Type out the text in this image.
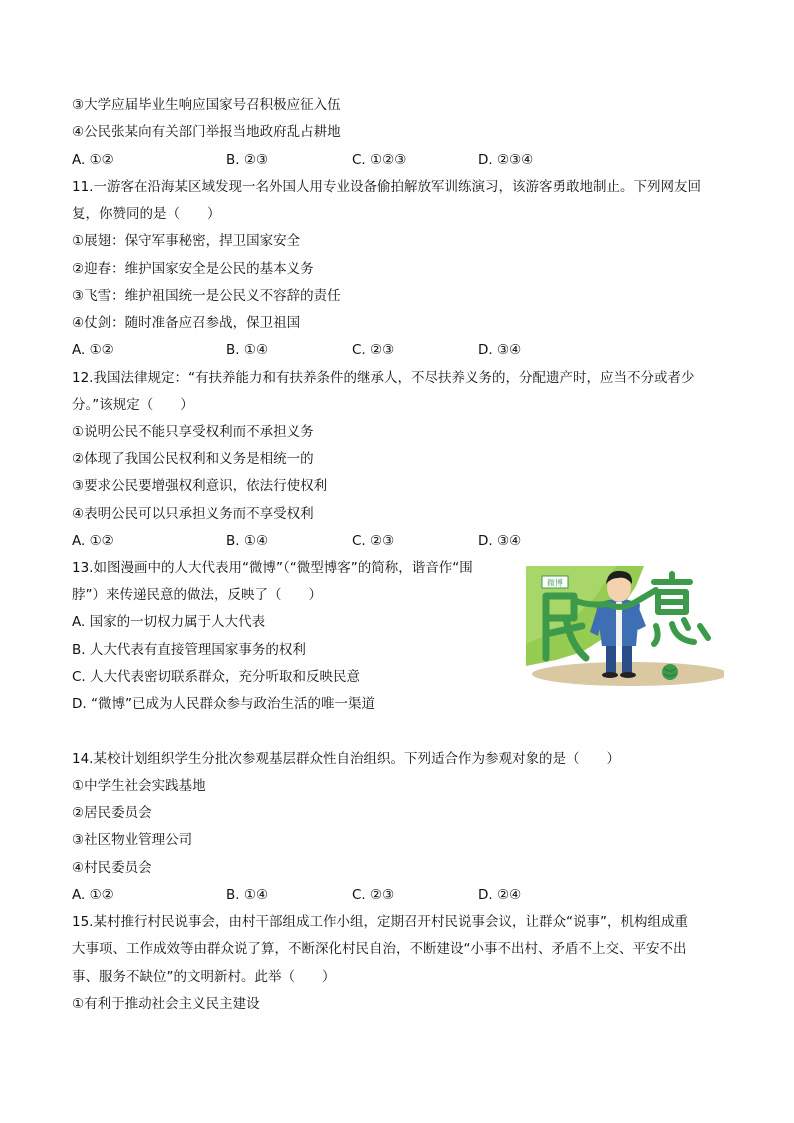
③大学应届毕业生响应国家号召积极应征入伍
④公民张某向有关部门举报当地政府乱占耕地
A. ①②	B. ②③	C. ①②③	D. ②③④
11.一游客在沿海某区域发现一名外国人用专业设备偷拍解放军训练演习，该游客勇敢地制止。下列网友回
复，你赞同的是（　　）
①展翅：保守军事秘密，捍卫国家安全
②迎春：维护国家安全是公民的基本义务
③飞雪：维护祖国统一是公民义不容辞的责任
④仗剑：随时准备应召参战，保卫祖国
A. ①②	B. ①④	C. ②③	D. ③④
12.我国法律规定：“有扶养能力和有扶养条件的继承人，不尽扶养义务的，分配遗产时，应当不分或者少
分。”该规定（　　）
①说明公民不能只享受权利而不承担义务
②体现了我国公民权利和义务是相统一的
③要求公民要增强权利意识，依法行使权利
④表明公民可以只承担义务而不享受权利
A. ①②	B. ①④	C. ②③	D. ③④
13.如图漫画中的人大代表用“微博”（“微型博客”的简称，谐音作“围
脖”）来传递民意的做法，反映了（　　）
A. 国家的一切权力属于人大代表
B. 人大代表有直接管理国家事务的权利
C. 人大代表密切联系群众，充分听取和反映民意
D. “微博”已成为人民群众参与政治生活的唯一渠道
微博
14.某校计划组织学生分批次参观基层群众性自治组织。下列适合作为参观对象的是（　　）
①中学生社会实践基地
②居民委员会
③社区物业管理公司
④村民委员会
A. ①②	B. ①④	C. ②③	D. ②④
15.某村推行村民说事会，由村干部组成工作小组，定期召开村民说事会议，让群众“说事”，机构组成重
大事项、工作成效等由群众说了算，不断深化村民自治，不断建设“小事不出村、矛盾不上交、平安不出
事、服务不缺位”的文明新村。此举（　　）
①有利于推动社会主义民主建设
